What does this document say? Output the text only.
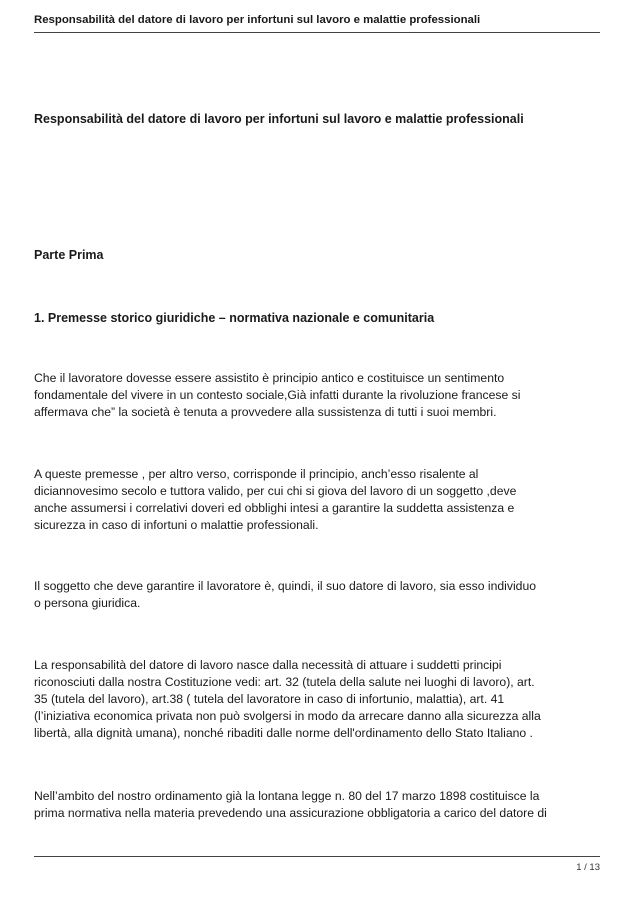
Responsabilità del datore di lavoro per infortuni sul lavoro e malattie professionali
Responsabilità del datore di lavoro per infortuni sul lavoro e malattie professionali
Parte Prima
1. Premesse storico giuridiche – normativa nazionale e comunitaria

Che il lavoratore dovesse essere assistito è principio antico e costituisce un sentimento
fondamentale del vivere in un contesto sociale,Già infatti durante la rivoluzione francese si
affermava che” la società è tenuta a provvedere alla sussistenza di tutti i suoi membri.

A queste premesse , per altro verso, corrisponde il principio, anch’esso risalente al
diciannovesimo secolo e tuttora valido, per cui chi si giova del lavoro di un soggetto ,deve
anche assumersi i correlativi doveri ed obblighi intesi a garantire la suddetta assistenza e
sicurezza in caso di infortuni o malattie professionali.

Il soggetto che deve garantire il lavoratore è, quindi, il suo datore di lavoro, sia esso individuo
o persona giuridica.

La responsabilità del datore di lavoro nasce dalla necessità di attuare i suddetti principi
riconosciuti dalla nostra Costituzione vedi: art. 32 (tutela della salute nei luoghi di lavoro), art.
35 (tutela del lavoro), art.38 ( tutela del lavoratore in caso di infortunio, malattia), art. 41
(l’iniziativa economica privata non può svolgersi in modo da arrecare danno alla sicurezza alla
libertà, alla dignità umana), nonché ribaditi dalle norme dell'ordinamento dello Stato Italiano .

Nell’ambito del nostro ordinamento già la lontana legge n. 80 del 17 marzo 1898 costituisce la
prima normativa nella materia prevedendo una assicurazione obbligatoria a carico del datore di

1 / 13
